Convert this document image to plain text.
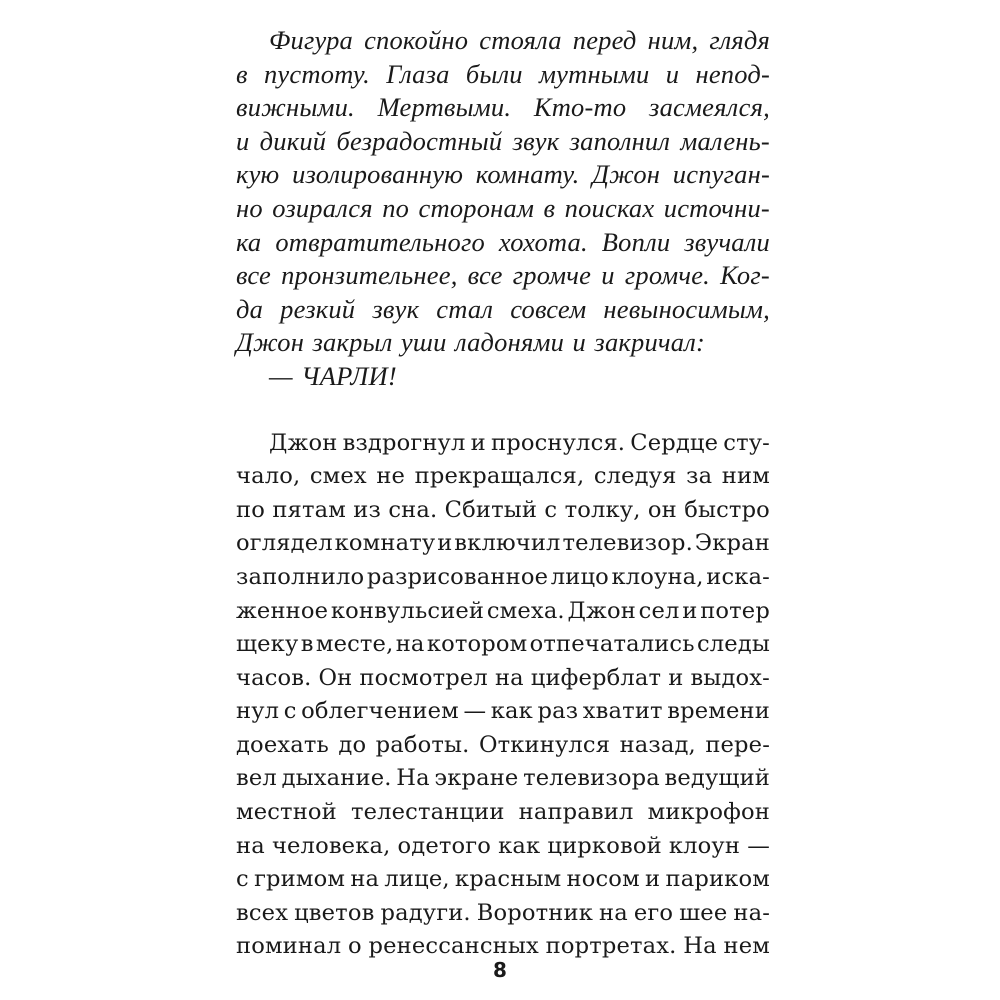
Фигура спокойно стояла перед ним, глядя
в пустоту. Глаза были мутными и непод-
вижными. Мертвыми. Кто-то засмеялся,
и дикий безрадостный звук заполнил малень-
кую изолированную комнату. Джон испуган-
но озирался по сторонам в поисках источни-
ка отвратительного хохота. Вопли звучали
все пронзительнее, все громче и громче. Ког-
да резкий звук стал совсем невыносимым,
Джон закрыл уши ладонями и закричал:
— ЧАРЛИ!
Джон вздрогнул и проснулся. Сердце сту-
чало, смех не прекращался, следуя за ним
по пятам из сна. Сбитый с толку, он быстро
оглядел комнату и включил телевизор. Экран
заполнило разрисованное лицо клоуна, иска-
женное конвульсией смеха. Джон сел и потер
щеку в месте, на котором отпечатались следы
часов. Он посмотрел на циферблат и выдох-
нул с облегчением — как раз хватит времени
доехать до работы. Откинулся назад, пере-
вел дыхание. На экране телевизора ведущий
местной телестанции направил микрофон
на человека, одетого как цирковой клоун —
с гримом на лице, красным носом и париком
всех цветов радуги. Воротник на его шее на-
поминал о ренессансных портретах. На нем
8
